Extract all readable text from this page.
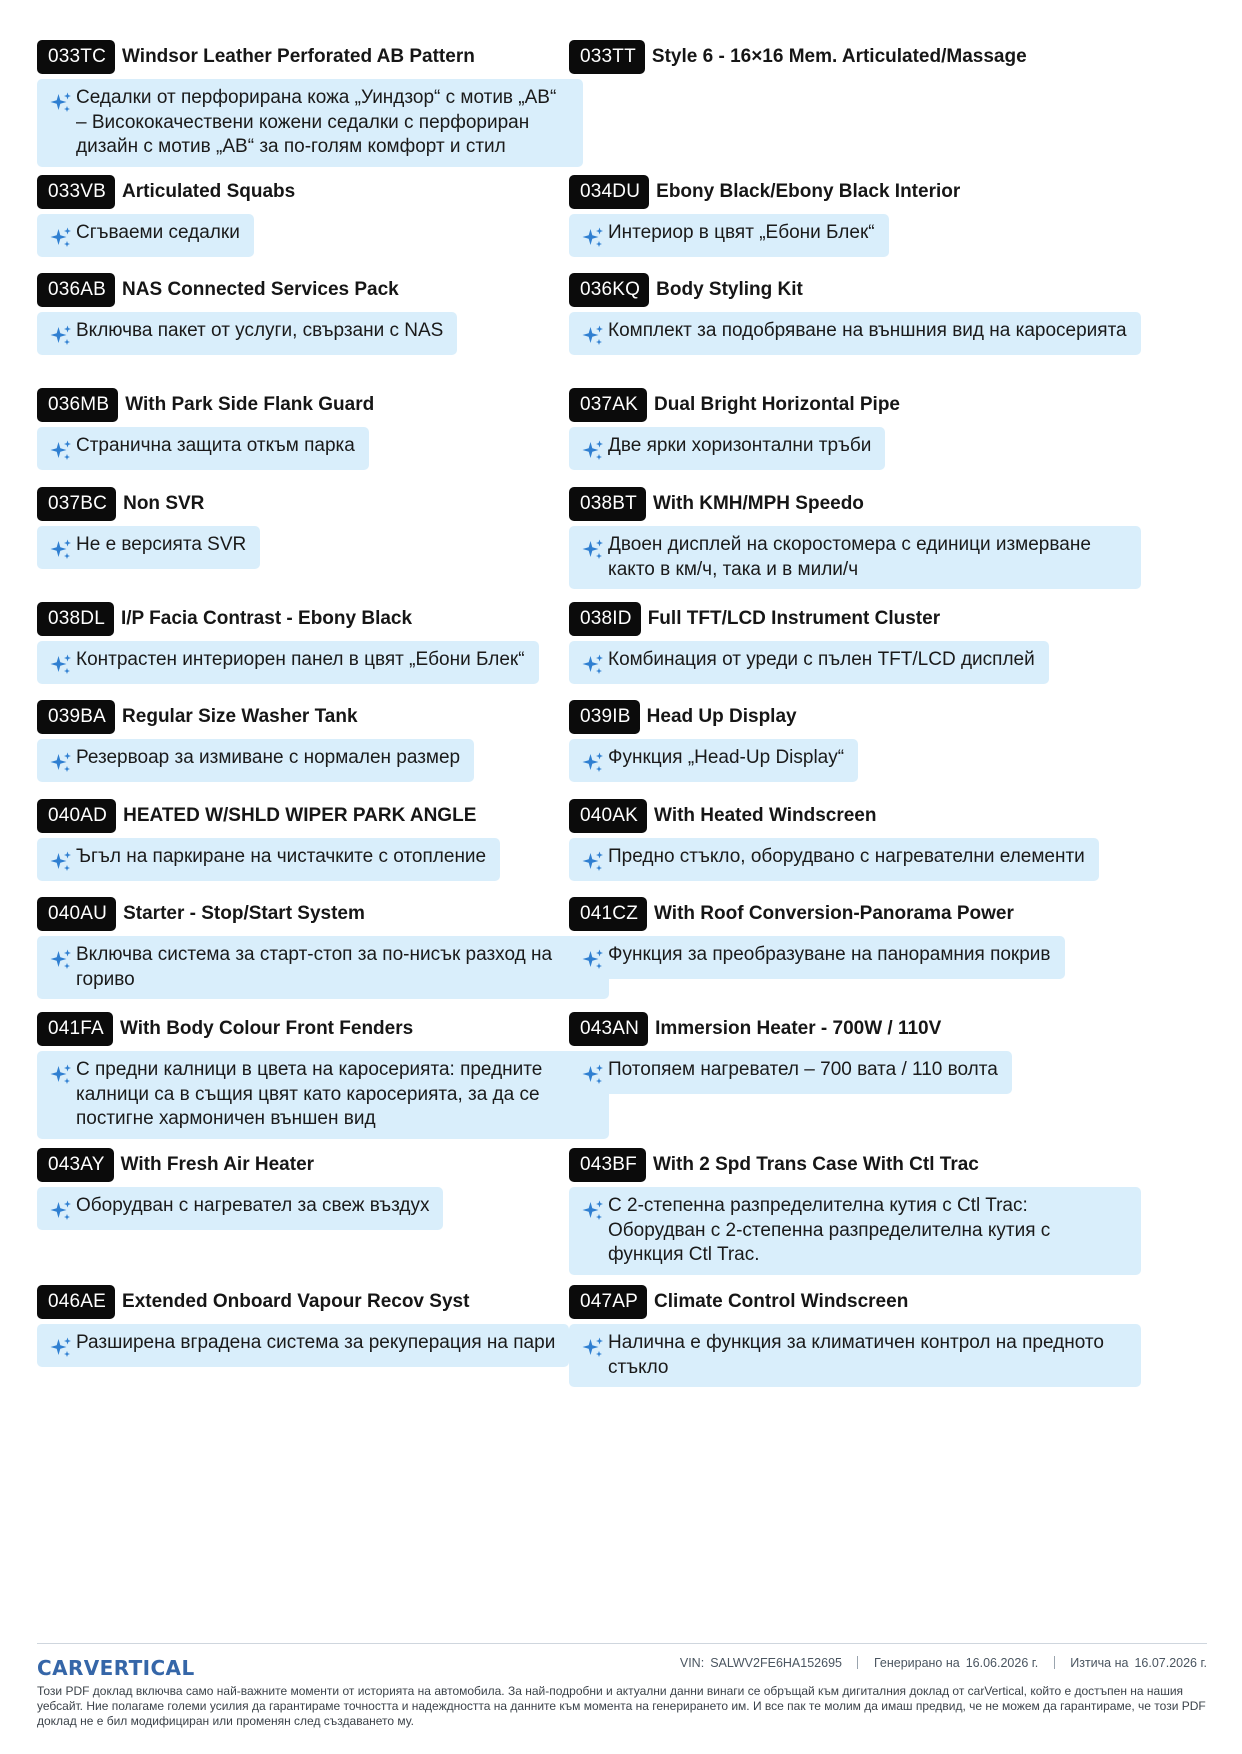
033TC Windsor Leather Perforated AB Pattern
Седалки от перфорирана кожа „Уиндзор“ с мотив „AB“ – Висококачествени кожени седалки с перфориран дизайн с мотив „AB“ за по-голям комфорт и стил
033TT Style 6 - 16×16 Mem. Articulated/Massage
033VB Articulated Squabs
Сгъваеми седалки
034DU Ebony Black/Ebony Black Interior
Интериор в цвят „Ебони Блек“
036AB NAS Connected Services Pack
Включва пакет от услуги, свързани с NAS
036KQ Body Styling Kit
Комплект за подобряване на външния вид на каросерията
036MB With Park Side Flank Guard
Странична защита откъм парка
037AK Dual Bright Horizontal Pipe
Две ярки хоризонтални тръби
037BC Non SVR
Не е версията SVR
038BT With KMH/MPH Speedo
Двоен дисплей на скоростомера с единици измерване както в км/ч, така и в мили/ч
038DL I/P Facia Contrast - Ebony Black
Контрастен интериорен панел в цвят „Ебони Блек“
038ID Full TFT/LCD Instrument Cluster
Комбинация от уреди с пълен TFT/LCD дисплей
039BA Regular Size Washer Tank
Резервоар за измиване с нормален размер
039IB Head Up Display
Функция „Head-Up Display“
040AD HEATED W/SHLD WIPER PARK ANGLE
Ъгъл на паркиране на чистачките с отопление
040AK With Heated Windscreen
Предно стъкло, оборудвано с нагревателни елементи
040AU Starter - Stop/Start System
Включва система за старт-стоп за по-нисък разход на гориво
041CZ With Roof Conversion-Panorama Power
Функция за преобразуване на панорамния покрив
041FA With Body Colour Front Fenders
С предни калници в цвета на каросерията: предните калници са в същия цвят като каросерията, за да се постигне хармоничен външен вид
043AN Immersion Heater - 700W / 110V
Потопяем нагревател – 700 вата / 110 волта
043AY With Fresh Air Heater
Оборудван с нагревател за свеж въздух
043BF With 2 Spd Trans Case With Ctl Trac
С 2-степенна разпределителна кутия с Ctl Trac: Оборудван с 2-степенна разпределителна кутия с функция Ctl Trac.
046AE Extended Onboard Vapour Recov Syst
Разширена вградена система за рекуперация на пари
047AP Climate Control Windscreen
Налична е функция за климатичен контрол на предното стъкло
CARVERTICAL	VIN: SALWV2FE6HA152695	Генерирано на 16.06.2026 г.	Изтича на 16.07.2026 г.
Този PDF доклад включва само най-важните моменти от историята на автомобила. За най-подробни и актуални данни винаги се обръщай към дигиталния доклад от carVertical, който е достъпен на нашия уебсайт. Ние полагаме големи усилия да гарантираме точността и надеждността на данните към момента на генерирането им. И все пак те молим да имаш предвид, че не можем да гарантираме, че този PDF доклад не е бил модифициран или променян след създаването му.
